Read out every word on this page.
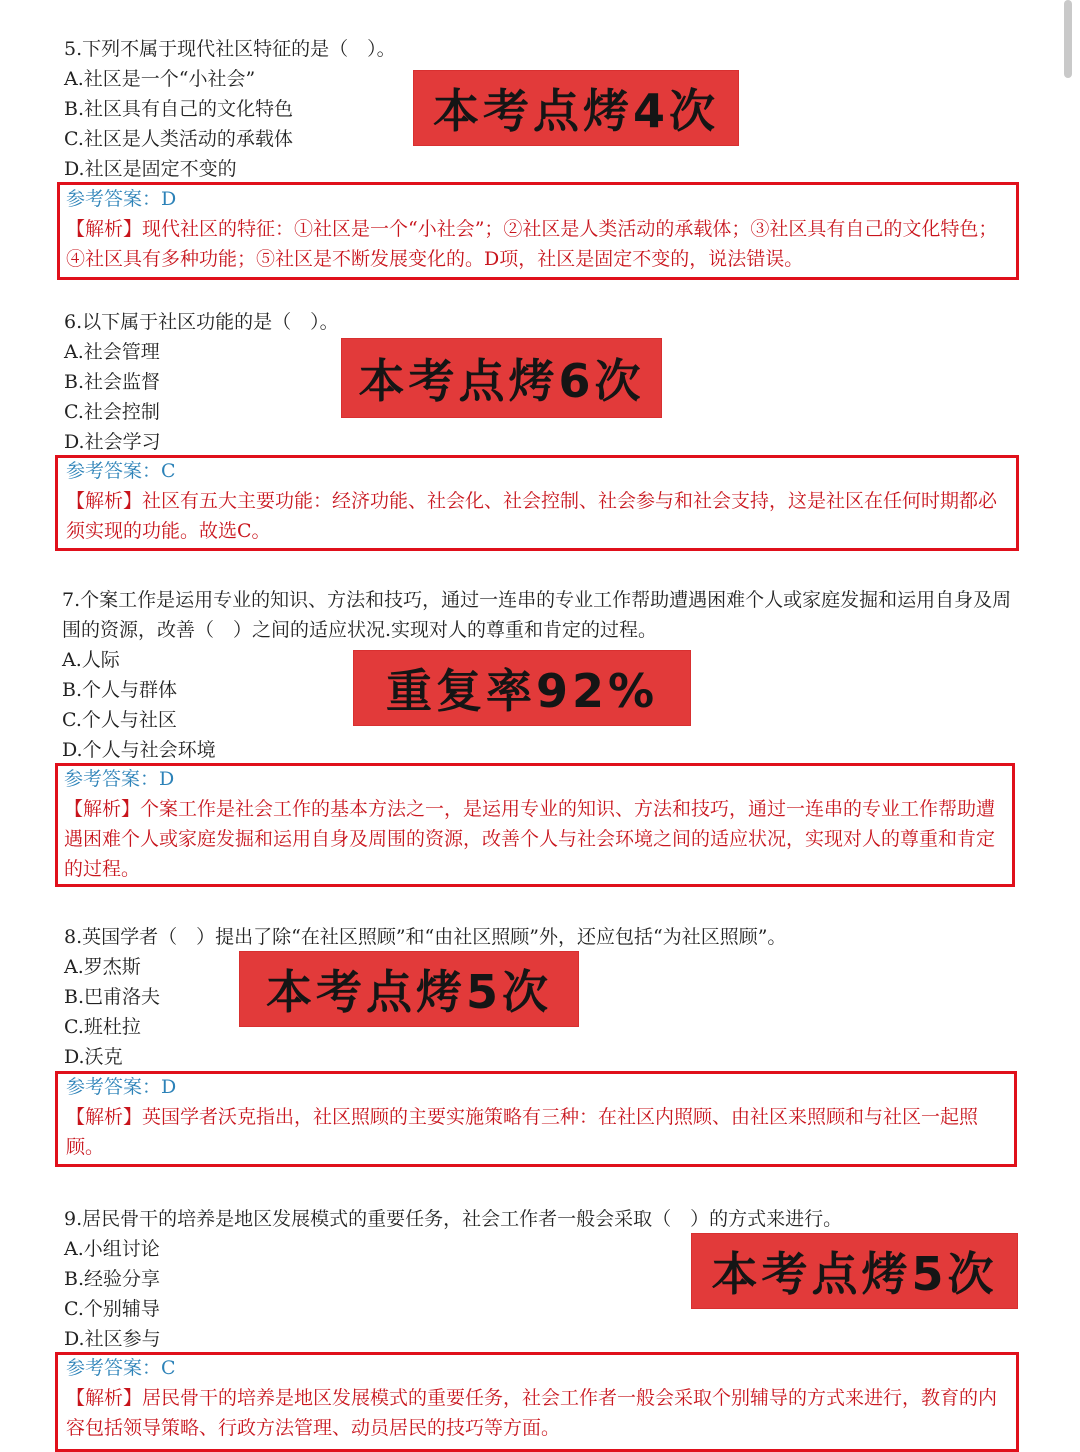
5.下列不属于现代社区特征的是（　）。
A.社区是一个“小社会”
B.社区具有自己的文化特色
C.社区是人类活动的承载体
D.社区是固定不变的
本考点烤4次
参考答案：D
【解析】现代社区的特征：①社区是一个“小社会”；②社区是人类活动的承载体；③社区具有自己的文化特色；④社区具有多种功能；⑤社区是不断发展变化的。D项，社区是固定不变的，说法错误。
6.以下属于社区功能的是（　）。
A.社会管理
B.社会监督
C.社会控制
D.社会学习
本考点烤6次
参考答案：C
【解析】社区有五大主要功能：经济功能、社会化、社会控制、社会参与和社会支持，这是社区在任何时期都必须实现的功能。故选C。
7.个案工作是运用专业的知识、方法和技巧，通过一连串的专业工作帮助遭遇困难个人或家庭发掘和运用自身及周围的资源，改善（　）之间的适应状况.实现对人的尊重和肯定的过程。
A.人际
B.个人与群体
C.个人与社区
D.个人与社会环境
重复率92%
参考答案：D
【解析】个案工作是社会工作的基本方法之一，是运用专业的知识、方法和技巧，通过一连串的专业工作帮助遭遇困难个人或家庭发掘和运用自身及周围的资源，改善个人与社会环境之间的适应状况，实现对人的尊重和肯定的过程。
8.英国学者（　）提出了除“在社区照顾”和“由社区照顾”外，还应包括“为社区照顾”。
A.罗杰斯
B.巴甫洛夫
C.班杜拉
D.沃克
本考点烤5次
参考答案：D
【解析】英国学者沃克指出，社区照顾的主要实施策略有三种：在社区内照顾、由社区来照顾和与社区一起照顾。
9.居民骨干的培养是地区发展模式的重要任务，社会工作者一般会采取（　）的方式来进行。
A.小组讨论
B.经验分享
C.个别辅导
D.社区参与
本考点烤5次
参考答案：C
【解析】居民骨干的培养是地区发展模式的重要任务，社会工作者一般会采取个别辅导的方式来进行，教育的内容包括领导策略、行政方法管理、动员居民的技巧等方面。
